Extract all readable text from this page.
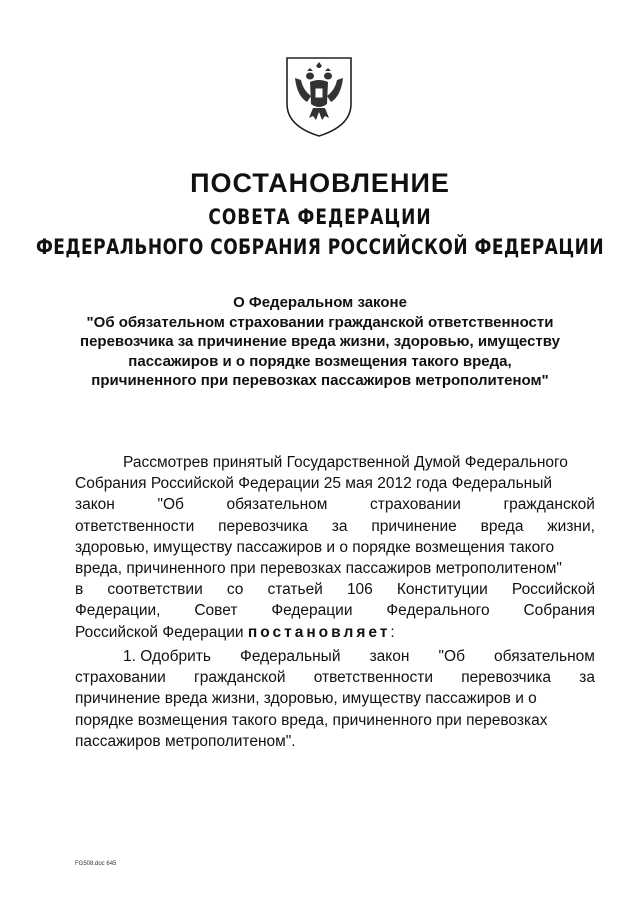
ПОСТАНОВЛЕНИЕ
СОВЕТА ФЕДЕРАЦИИ
ФЕДЕРАЛЬНОГО СОБРАНИЯ РОССИЙСКОЙ ФЕДЕРАЦИИ
О Федеральном законе
"Об обязательном страховании гражданской ответственности
перевозчика за причинение вреда жизни, здоровью, имуществу
пассажиров и о порядке возмещения такого вреда,
причиненного при перевозках пассажиров метрополитеном"
Рассмотрев принятый Государственной Думой Федерального
Собрания Российской Федерации 25 мая 2012 года Федеральный
закон	"Об	обязательном	страховании	гражданской
ответственности перевозчика за причинение вреда жизни,
здоровью, имуществу пассажиров и о порядке возмещения такого
вреда, причиненного при перевозках пассажиров метрополитеном"
в соответствии со статьей 106 Конституции Российской
Федерации, Совет Федерации Федерального Собрания
Российской Федерации постановляет :
1. Одобрить Федеральный закон "Об обязательном
страховании гражданской ответственности перевозчика за
причинение вреда жизни, здоровью, имуществу пассажиров и о
порядке возмещения такого вреда, причиненного при перевозках
пассажиров метрополитеном".
FG508.doc 645
